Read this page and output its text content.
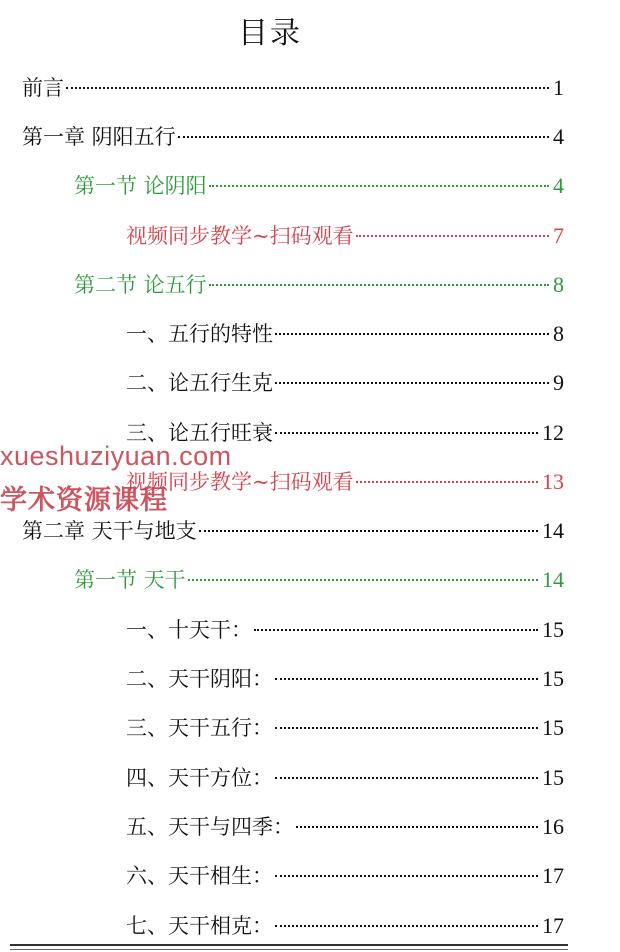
目录
前言	1
第一章 阴阳五行	4
第一节 论阴阳	4
视频同步教学~扫码观看	7
第二节 论五行	8
一、五行的特性	8
二、论五行生克	9
三、论五行旺衰	12
视频同步教学~扫码观看	13
第二章 天干与地支	14
第一节 天干	14
一、十天干：	15
二、天干阴阳：	15
三、天干五行：	15
四、天干方位：	15
五、天干与四季：	16
六、天干相生：	17
七、天干相克：	17
xueshuziyuan.com
学术资源课程
